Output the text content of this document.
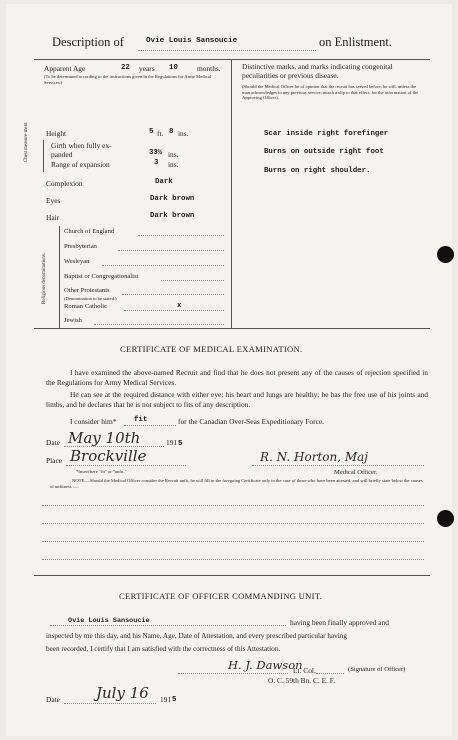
Description of	Ovie Louis Sansoucie	on Enlistment.
Apparent Age	22 years 10	months.
(To be determined according to the instructions given in the Regulations for Army Medical Services.)
Distinctive marks, and marks indicating congenital peculiarities or previous disease.
(Should the Medical Officer be of opinion that the recruit has served before, he will, unless the man acknowledges to any previous service, attach a slip to that effect, for the information of the Approving Officer).
Scar inside right forefinger
Burns on outside right foot
Burns on right shoulder.
Height	5 ft. 8 ins.
Chest measure-ment.	Girth when fully ex-
panded	33½ ins.
Range of expansion	3 ins.
Complexion	Dark
Eyes	Dark brown
Hair	Dark brown
Religious denominations.
Church of England
Presbyterian
Wesleyan
Baptist or Congregationalist
Other Protestants
(Denomination to be stated.)
Roman Catholic	x
Jewish
CERTIFICATE OF MEDICAL EXAMINATION.
I have examined the above-named Recruit and find that he does not present any of the causes of rejection specified in the Regulations for Army Medical Services.
He can see at the required distance with either eye; his heart and lungs are healthy; he has the free use of his joints and limbs, and he declares that he is not subject to fits of any description.
I consider him* fit	for the Canadian Over-Seas Expeditionary Force.
Date May 10th	191 5
Place Brockville	R. N. Horton, Maj
Medical Officer.
*Insert here "fit" or "unfit."
NOTE.—Should the Medical Officer consider the Recruit unfit, he will fill in the foregoing Certificate only in the case of those who have been attested, and will briefly state below the causes of unfitness :—
CERTIFICATE OF OFFICER COMMANDING UNIT.
Ovie Louis Sansoucie	having been finally approved and
inspected by me this day, and his Name, Age, Date of Attestation, and every prescribed particular having
been recorded, I certify that I am satisfied with the correctness of this Attestation.
H. J. Dawson
Lt. Col.	(Signature of Officer)
O. C. 59th Bn. C. E. F.
Date July 16 191 5
